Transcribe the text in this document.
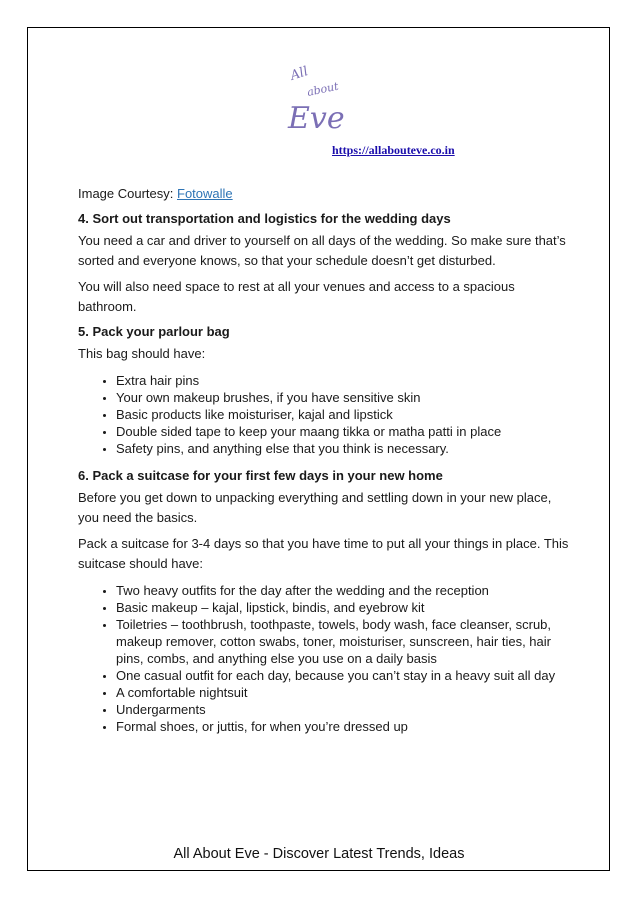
All
about
Eve
https://allabouteve.co.in

Image Courtesy: Fotowalle

4. Sort out transportation and logistics for the wedding days

You need a car and driver to yourself on all days of the wedding. So make sure that’s sorted and everyone knows, so that your schedule doesn’t get disturbed.

You will also need space to rest at all your venues and access to a spacious bathroom.

5. Pack your parlour bag

This bag should have:

• Extra hair pins
• Your own makeup brushes, if you have sensitive skin
• Basic products like moisturiser, kajal and lipstick
• Double sided tape to keep your maang tikka or matha patti in place
• Safety pins, and anything else that you think is necessary.
6. Pack a suitcase for your first few days in your new home

Before you get down to unpacking everything and settling down in your new place, you need the basics.

Pack a suitcase for 3-4 days so that you have time to put all your things in place. This suitcase should have:

• Two heavy outfits for the day after the wedding and the reception
• Basic makeup – kajal, lipstick, bindis, and eyebrow kit
• Toiletries – toothbrush, toothpaste, towels, body wash, face cleanser, scrub, makeup remover, cotton swabs, toner, moisturiser, sunscreen, hair ties, hair pins, combs, and anything else you use on a daily basis
• One casual outfit for each day, because you can’t stay in a heavy suit all day
• A comfortable nightsuit
• Undergarments
• Formal shoes, or juttis, for when you’re dressed up
All About Eve - Discover Latest Trends, Ideas
